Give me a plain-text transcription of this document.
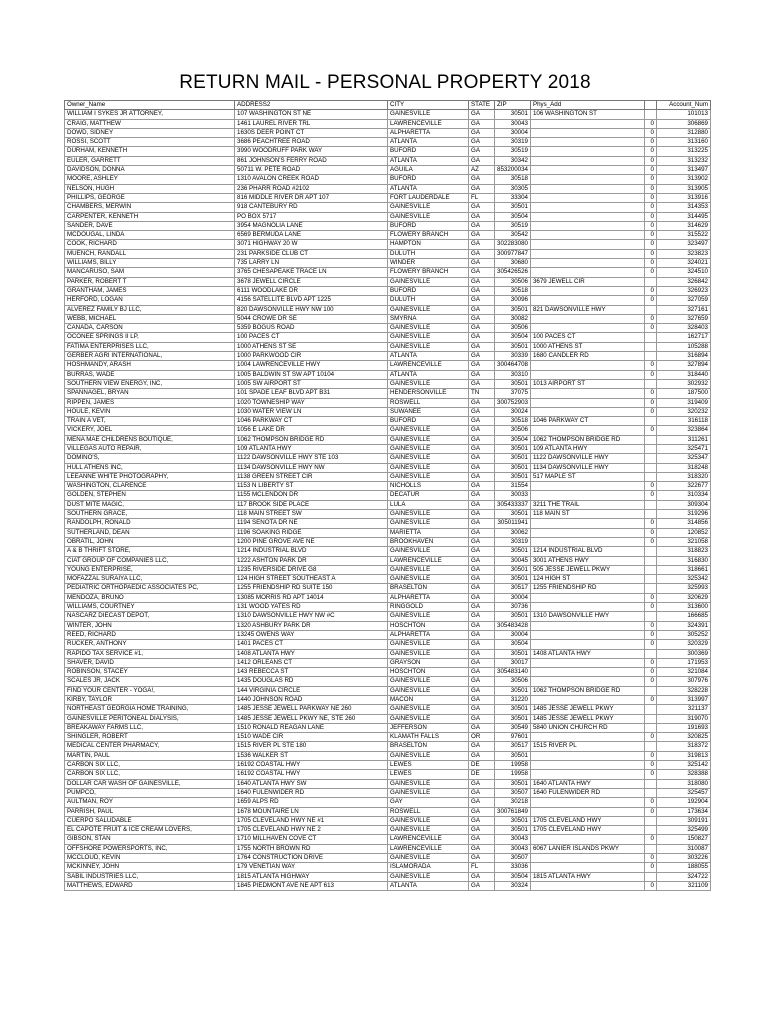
RETURN MAIL - PERSONAL PROPERTY 2018
Owner_Name	ADDRESS2	CITY	STATE	ZIP	Phys_Add		Account_Num
WILLIAM I SYKES JR ATTORNEY,	107 WASHINGTON ST NE	GAINESVILLE	GA	30501	106 WASHINGTON ST		101013
CRAIG, MATTHEW	1461 LAUREL RIVER TRL	LAWRENCEVILLE	GA	30043		0	306869
DOWD, SIDNEY	1630S DEER POINT CT	ALPHARETTA	GA	30004		0	312880
ROSSI, SCOTT	3686 PEACHTREE ROAD	ATLANTA	GA	30319		0	313160
DURHAM, KENNETH	3990 WOODRUFF PARK WAY	BUFORD	GA	30519		0	313225
EULER, GARRETT	861 JOHNSON'S FERRY ROAD	ATLANTA	GA	30342		0	313232
DAVIDSON, DONNA	50711 W. PETE ROAD	AGUILA	AZ	853200034		0	313497
MOORE, ASHLEY	1310 AVALON CREEK ROAD	BUFORD	GA	30518		0	313902
NELSON, HUGH	236 PHARR ROAD #2102	ATLANTA	GA	30305		0	313905
PHILLIPS, GEORGE	816 MIDDLE RIVER DR APT 107	FORT LAUDERDALE	FL	33304		0	313916
CHAMBERS, MERWIN	918 CANTEBURY RD	GAINESVILLE	GA	30501		0	314353
CARPENTER, KENNETH	PO BOX 5717	GAINESVILLE	GA	30504		0	314495
SANDER, DAVE	3954 MAGNOLIA LANE	BUFORD	GA	30519		0	314629
MCDOUGAL, LINDA	6569 BERMUDA LANE	FLOWERY BRANCH	GA	30542		0	315522
COOK, RICHARD	3071 HIGHWAY 20 W	HAMPTON	GA	302283080		0	323497
MUENCH, RANDALL	231 PARKSIDE CLUB CT	DULUTH	GA	300977847		0	323823
WILLIAMS, BILLY	735 LARRY LN	WINDER	GA	30680		0	324021
MANCARUSO, SAM	3765 CHESAPEAKE TRACE LN	FLOWERY BRANCH	GA	305426526		0	324510
PARKER, ROBERT T	3678 JEWELL CIRCLE	GAINESVILLE	GA	30506	3679 JEWELL CIR		326842
GRANTHAM, JAMES	6111 WOODLAKE DR	BUFORD	GA	30518		0	326923
HERFORD, LOGAN	4156 SATELLITE BLVD APT 1225	DULUTH	GA	30096		0	327059
ALVEREZ FAMILY BJ LLC,	820 DAWSONVILLE HWY NW 100	GAINESVILLE	GA	30501	821 DAWSONVILLE HWY		327161
WEBB, MICHAEL	5044 CROWE DR SE	SMYRNA	GA	30082		0	327659
CANADA, CARSON	5359 BOGUS ROAD	GAINESVILLE	GA	30506		0	328403
OCONEE SPRINGS II LP,	100 PACES CT	GAINESVILLE	GA	30504	100 PACES CT		162717
FATIMA ENTERPRISES LLC,	1000 ATHENS ST SE	GAINESVILLE	GA	30501	1000 ATHENS ST		105288
GERBER AGRI INTERNATIONAL,	1000 PARKWOOD CIR	ATLANTA	GA	30339	1680 CANDLER RD		316894
HOSHMANDY, ARASH	1004 LAWRENCEVILLE HWY	LAWRENCEVILLE	GA	300464708		0	327894
BURRAS, WADE	1005 BALDWIN ST SW APT 10104	ATLANTA	GA	30310		0	318440
SOUTHERN VIEW ENERGY, INC,	1005 SW AIRPORT ST	GAINESVILLE	GA	30501	1013 AIRPORT ST		302932
SPANNAGEL, BRYAN	101 SPADE LEAF BLVD APT B31	HENDERSONVILLE	TN	37075		0	187500
RIPPEN, JAMES	1020 TOWNESHIP WAY	ROSWELL	GA	300752903		0	319409
HOULE, KEVIN	1030 WATER VIEW LN	SUWANEE	GA	30024		0	320232
TRAIN A VET,	1046 PARKWAY CT	BUFORD	GA	30518	1046 PARKWAY CT		316118
VICKERY, JOEL	1056 E LAKE DR	GAINESVILLE	GA	30506		0	323864
MENA MAE CHILDRENS BOUTIQUE,	1062 THOMPSON BRIDGE RD	GAINESVILLE	GA	30504	1062 THOMPSON BRIDGE RD		311261
VILLEGAS AUTO REPAIR,	109 ATLANTA HWY	GAINESVILLE	GA	30501	109 ATLANTA HWY		325471
DOMINO'S,	1122 DAWSONVILLE HWY STE 103	GAINESVILLE	GA	30501	1122 DAWSONVILLE HWY		325347
HULL ATHENS INC,	1134 DAWSONVILLE HWY NW	GAINESVILLE	GA	30501	1134 DAWSONVILLE HWY		318248
LEEANNE WHITE PHOTOGRAPHY,	1138 GREEN STREET CIR	GAINESVILLE	GA	30501	517 MAPLE ST		318320
WASHINGTON, CLARENCE	1153 N LIBERTY ST	NICHOLLS	GA	31554		0	322677
GOLDEN, STEPHEN	1155 MCLENDON DR	DECATUR	GA	30033		0	310334
DUST MITE MAGIC,	117 BROOK SIDE PLACE	LULA	GA	305433337	3211 THE TRAIL		309304
SOUTHERN GRACE,	118 MAIN STREET SW	GAINESVILLE	GA	30501	118 MAIN ST		319296
RANDOLPH, RONALD	1194 SENOTA DR NE	GAINESVILLE	GA	305011941		0	314856
SUTHERLAND, DEAN	1196 SOAKING RIDGE	MARIETTA	GA	30062		0	120852
OBRATIL, JOHN	1200 PINE GROVE AVE NE	BROOKHAVEN	GA	30319		0	321058
A & B THRIFT STORE,	1214 INDUSTRIAL BLVD	GAINESVILLE	GA	30501	1214 INDUSTRIAL BLVD		318823
CIAT GROUP OF COMPANIES LLC,	1222 ASHTON PARK DR	LAWRENCEVILLE	GA	30045	3001 ATHENS HWY		316830
YOUNG ENTERPRISE,	1235 RIVERSIDE DRIVE G8	GAINESVILLE	GA	30501	505 JESSE JEWELL PKWY		318661
MOFAZZAL SURAIYA LLC,	124 HIGH STREET SOUTHEAST A	GAINESVILLE	GA	30501	124 HIGH ST		325342
PEDIATRIC ORTHOPAEDIC ASSOCIATES PC,	1255 FRIENDSHIP RD SUITE 150	BRASELTON	GA	30517	1255 FRIENDSHIP RD		325993
MENDOZA, BRUNO	13085 MORRIS RD APT 14014	ALPHARETTA	GA	30004		0	320629
WILLIAMS, COURTNEY	131 WOOD YATES RD	RINGGOLD	GA	30736		0	313600
NASCARZ DIECAST DEPOT,	1310 DAWSONVILLE HWY NW #C	GAINESVILLE	GA	30501	1310 DAWSONVILLE HWY		166685
WINTER, JOHN	1320 ASHBURY PARK DR	HOSCHTON	GA	305483428		0	324391
REED, RICHARD	13245 OWENS WAY	ALPHARETTA	GA	30004		0	305252
RUCKER, ANTHONY	1401 PACES CT	GAINESVILLE	GA	30504		0	320329
RAPIDO TAX SERVICE #1,	1408 ATLANTA HWY	GAINESVILLE	GA	30501	1408 ATLANTA HWY		300369
SHAVER, DAVID	1412 ORLEANS CT	GRAYSON	GA	30017		0	171953
ROBINSON, STACEY	143 REBECCA ST	HOSCHTON	GA	305483140		0	321084
SCALES JR, JACK	1435 DOUGLAS RD	GAINESVILLE	GA	30506		0	307976
FIND YOUR CENTER - YOGA!,	144 VIRGINIA CIRCLE	GAINESVILLE	GA	30501	1062 THOMPSON BRIDGE RD		328228
KIRBY, TAYLOR	1440 JOHNSON ROAD	MACON	GA	31220		0	313997
NORTHEAST GEORGIA HOME TRAINING,	1485 JESSE JEWELL PARKWAY NE 260	GAINESVILLE	GA	30501	1485 JESSE JEWELL PKWY		321137
GAINESVILLE PERITONEAL DIALYSIS,	1485 JESSE JEWELL PKWY NE, STE 260	GAINESVILLE	GA	30501	1485 JESSE JEWELL PKWY		319070
BREAKAWAY FARMS LLC,	1510 RONALD REAGAN LANE	JEFFERSON	GA	30549	5840 UNION CHURCH RD		191693
SHINGLER, ROBERT	1510 WADE CIR	KLAMATH FALLS	OR	97601		0	320825
MEDICAL CENTER PHARMACY,	1515 RIVER PL STE 180	BRASELTON	GA	30517	1515 RIVER PL		318372
MARTIN, PAUL	1536 WALKER ST	GAINESVILLE	GA	30501		0	319813
CARBON SIX LLC,	16192 COASTAL HWY	LEWES	DE	19958		0	325142
CARBON SIX LLC,	16192 COASTAL HWY	LEWES	DE	19958		0	328388
DOLLAR CAR WASH OF GAINESVILLE,	1640 ATLANTA HWY SW	GAINESVILLE	GA	30501	1640 ATLANTA HWY		318080
PUMPCO,	1640 FULENWIDER RD	GAINESVILLE	GA	30507	1640 FULENWIDER RD		325457
AULTMAN, ROY	1659 ALPS RD	GAY	GA	30218		0	192904
PARRISH, PAUL	1678 MOUNTAIRE LN	ROSWELL	GA	300761849		0	173634
CUERPO SALUDABLE	1705 CLEVELAND HWY NE #1	GAINESVILLE	GA	30501	1705 CLEVELAND HWY		309191
EL CAPOTE FRUIT & ICE CREAM LOVERS,	1705 CLEVELAND HWY NE 2	GAINESVILLE	GA	30501	1705 CLEVELAND HWY		325499
GIBSON, STAN	1710 MILLHAVEN COVE CT	LAWRENCEVILLE	GA	30043		0	150827
OFFSHORE POWERSPORTS, INC,	1755 NORTH BROWN RD	LAWRENCEVILLE	GA	30043	6067 LANIER ISLANDS PKWY		310087
MCCLOUD, KEVIN	1764 CONSTRUCTION DRIVE	GAINESVILLE	GA	30507		0	303226
MCKINNEY, JOHN	179 VENETIAN WAY	ISLAMORADA	FL	33036		0	188055
SABIL INDUSTRIES LLC,	1815 ATLANTA HIGHWAY	GAINESVILLE	GA	30504	1815 ATLANTA HWY		324722
MATTHEWS, EDWARD	1845 PIEDMONT AVE NE APT 613	ATLANTA	GA	30324		0	321109
